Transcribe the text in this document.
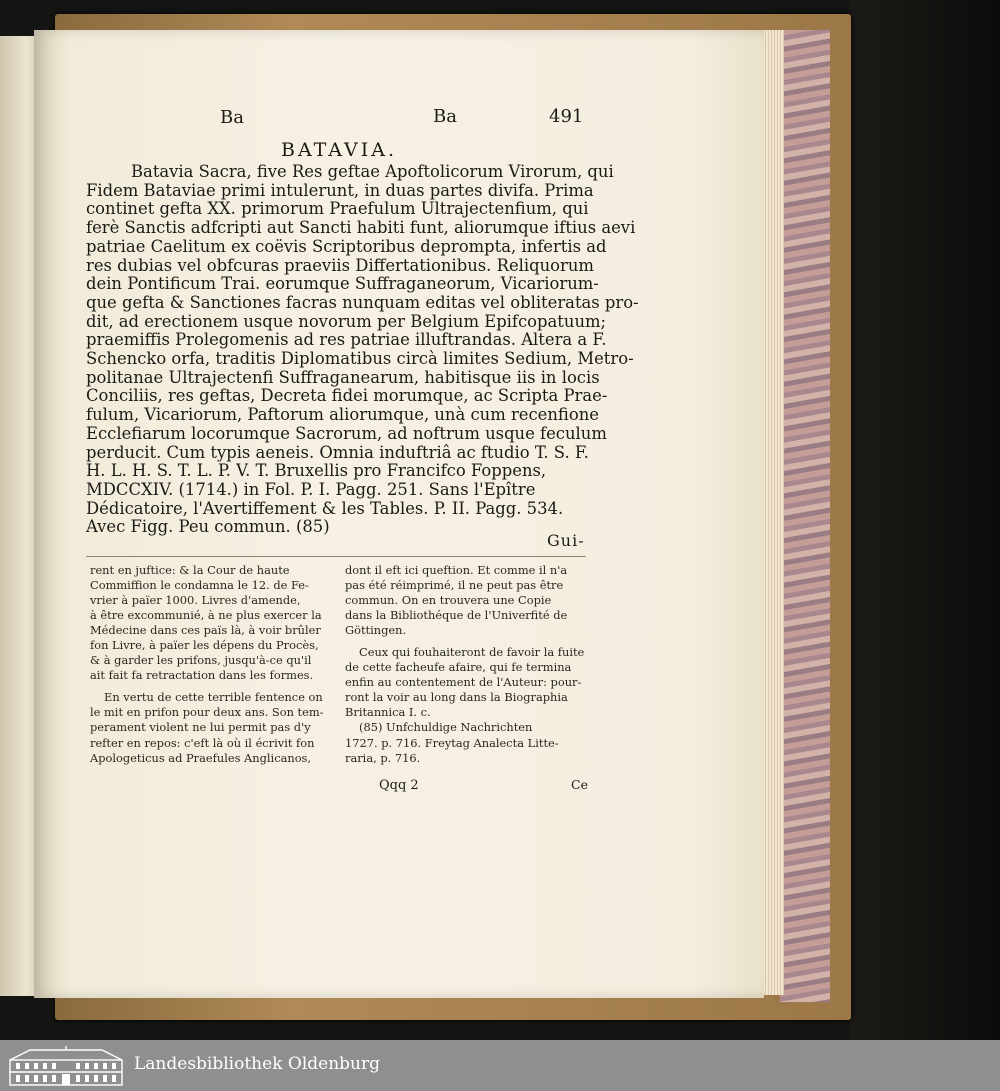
Ba	Ba	491
BATAVIA.
Batavia Sacra, five Res geftae Apoftolicorum Virorum, qui
Fidem Bataviae primi intulerunt, in duas partes divifa. Prima
continet gefta XX. primorum Praefulum Ultrajectenfium, qui
ferè Sanctis adfcripti aut Sancti habiti funt, aliorumque iftius aevi
patriae Caelitum ex coëvis Scriptoribus deprompta, infertis ad
res dubias vel obfcuras praeviis Differtationibus. Reliquorum
dein Pontificum Trai. eorumque Suffraganeorum, Vicariorum-
que gefta & Sanctiones facras nunquam editas vel obliteratas pro-
dit, ad erectionem usque novorum per Belgium Epifcopatuum;
praemiffis Prolegomenis ad res patriae illuftrandas. Altera a F.
Schencko orfa, traditis Diplomatibus circà limites Sedium, Metro-
politanae Ultrajectenfi Suffraganearum, habitisque iis in locis
Conciliis, res geftas, Decreta fidei morumque, ac Scripta Prae-
fulum, Vicariorum, Paftorum aliorumque, unà cum recenfione
Ecclefiarum locorumque Sacrorum, ad noftrum usque feculum
perducit. Cum typis aeneis. Omnia induftriâ ac ftudio T. S. F.
H. L. H. S. T. L. P. V. T. Bruxellis pro Francifco Foppens,
MDCCXIV. (1714.) in Fol. P. I. Pagg. 251. Sans l'Epître
Dédicatoire, l'Avertiffement & les Tables. P. II. Pagg. 534.
Avec Figg. Peu commun. (85)
Gui-
rent en juftice: & la Cour de haute
Commiffion le condamna le 12. de Fe-
vrier à païer 1000. Livres d'amende,
à être excommunié, à ne plus exercer la
Médecine dans ces païs là, à voir brûler
fon Livre, à païer les dépens du Procès,
& à garder les prifons, jusqu'à-ce qu'il
ait fait fa retractation dans les formes.
En vertu de cette terrible fentence on
le mit en prifon pour deux ans. Son tem-
perament violent ne lui permit pas d'y
refter en repos: c'eft là où il écrivit fon
Apologeticus ad Praefules Anglicanos,
dont il eft ici queftion. Et comme il n'a
pas été réimprimé, il ne peut pas être
commun. On en trouvera une Copie
dans la Bibliothéque de l'Univerfité de
Göttingen.
Ceux qui fouhaiteront de favoir la fuite
de cette facheufe afaire, qui fe termina
enfin au contentement de l'Auteur: pour-
ront la voir au long dans la Biographia
Britannica I. c.
(85) Unfchuldige Nachrichten
1727. p. 716. Freytag Analecta Litte-
raria, p. 716.
Qqq 2	Ce
Landesbibliothek Oldenburg
